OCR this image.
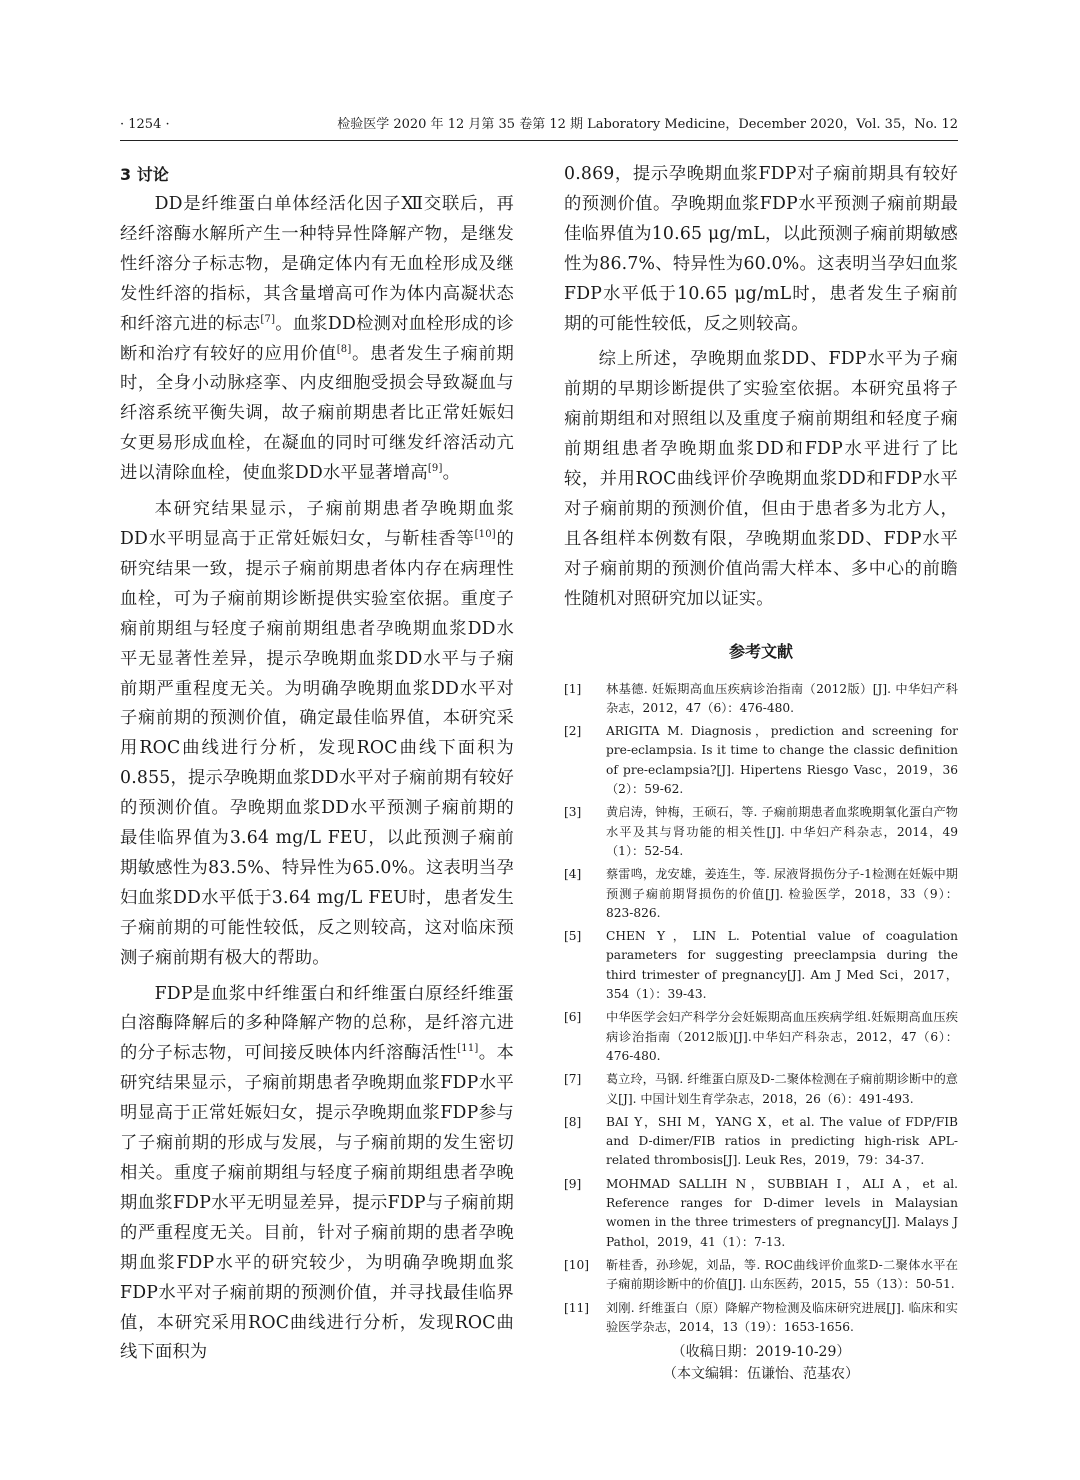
· 1254 ·	检验医学 2020 年 12 月第 35 卷第 12 期 Laboratory Medicine，December 2020，Vol. 35，No. 12
3 讨论

DD是纤维蛋白单体经活化因子Ⅻ交联后，再经纤溶酶水解所产生一种特异性降解产物，是继发性纤溶分子标志物，是确定体内有无血栓形成及继发性纤溶的指标，其含量增高可作为体内高凝状态和纤溶亢进的标志[7]。血浆DD检测对血栓形成的诊断和治疗有较好的应用价值[8]。患者发生子痫前期时，全身小动脉痉挛、内皮细胞受损会导致凝血与纤溶系统平衡失调，故子痫前期患者比正常妊娠妇女更易形成血栓，在凝血的同时可继发纤溶活动亢进以清除血栓，使血浆DD水平显著增高[9]。

本研究结果显示，子痫前期患者孕晚期血浆DD水平明显高于正常妊娠妇女，与靳桂香等[10]的研究结果一致，提示子痫前期患者体内存在病理性血栓，可为子痫前期诊断提供实验室依据。重度子痫前期组与轻度子痫前期组患者孕晚期血浆DD水平无显著性差异，提示孕晚期血浆DD水平与子痫前期严重程度无关。为明确孕晚期血浆DD水平对子痫前期的预测价值，确定最佳临界值，本研究采用ROC曲线进行分析，发现ROC曲线下面积为0.855，提示孕晚期血浆DD水平对子痫前期有较好的预测价值。孕晚期血浆DD水平预测子痫前期的最佳临界值为3.64 mg/L FEU，以此预测子痫前期敏感性为83.5%、特异性为65.0%。这表明当孕妇血浆DD水平低于3.64 mg/L FEU时，患者发生子痫前期的可能性较低，反之则较高，这对临床预测子痫前期有极大的帮助。

FDP是血浆中纤维蛋白和纤维蛋白原经纤维蛋白溶酶降解后的多种降解产物的总称，是纤溶亢进的分子标志物，可间接反映体内纤溶酶活性[11]。本研究结果显示，子痫前期患者孕晚期血浆FDP水平明显高于正常妊娠妇女，提示孕晚期血浆FDP参与了子痫前期的形成与发展，与子痫前期的发生密切相关。重度子痫前期组与轻度子痫前期组患者孕晚期血浆FDP水平无明显差异，提示FDP与子痫前期的严重程度无关。目前，针对子痫前期的患者孕晚期血浆FDP水平的研究较少，为明确孕晚期血浆FDP水平对子痫前期的预测价值，并寻找最佳临界值，本研究采用ROC曲线进行分析，发现ROC曲线下面积为

0.869，提示孕晚期血浆FDP对子痫前期具有较好的预测价值。孕晚期血浆FDP水平预测子痫前期最佳临界值为10.65 μg/mL，以此预测子痫前期敏感性为86.7%、特异性为60.0%。这表明当孕妇血浆FDP水平低于10.65 μg/mL时，患者发生子痫前期的可能性较低，反之则较高。

综上所述，孕晚期血浆DD、FDP水平为子痫前期的早期诊断提供了实验室依据。本研究虽将子痫前期组和对照组以及重度子痫前期组和轻度子痫前期组患者孕晚期血浆DD和FDP水平进行了比较，并用ROC曲线评价孕晚期血浆DD和FDP水平对子痫前期的预测价值，但由于患者多为北方人，且各组样本例数有限，孕晚期血浆DD、FDP水平对子痫前期的预测价值尚需大样本、多中心的前瞻性随机对照研究加以证实。

参考文献
[1]	林基德. 妊娠期高血压疾病诊治指南（2012版）[J]. 中华妇产科杂志，2012，47（6）：476-480.
[2]	ARIGITA M. Diagnosis，prediction and screening for pre-eclampsia. Is it time to change the classic definition of pre-eclampsia?[J]. Hipertens Riesgo Vasc，2019，36（2）：59-62.
[3]	黄启涛，钟梅，王硕石，等. 子痫前期患者血浆晚期氧化蛋白产物水平及其与肾功能的相关性[J]. 中华妇产科杂志，2014，49（1）：52-54.
[4]	蔡雷鸣，龙安雄，姜连生，等. 尿液肾损伤分子-1检测在妊娠中期预测子痫前期肾损伤的价值[J]. 检验医学，2018，33（9）：823-826.
[5]	CHEN Y，LIN L. Potential value of coagulation parameters for suggesting preeclampsia during the third trimester of pregnancy[J]. Am J Med Sci，2017，354（1）：39-43.
[6]	中华医学会妇产科学分会妊娠期高血压疾病学组.妊娠期高血压疾病诊治指南（2012版)[J].中华妇产科杂志，2012，47（6）：476-480.
[7]	葛立玲，马钢. 纤维蛋白原及D-二聚体检测在子痫前期诊断中的意义[J]. 中国计划生育学杂志，2018，26（6）：491-493.
[8]	BAI Y，SHI M，YANG X，et al. The value of FDP/FIB and D-dimer/FIB ratios in predicting high-risk APL-related thrombosis[J]. Leuk Res，2019，79：34-37.
[9]	MOHMAD SALLIH N，SUBBIAH I，ALI A，et al. Reference ranges for D-dimer levels in Malaysian women in the three trimesters of pregnancy[J]. Malays J Pathol，2019，41（1）：7-13.
[10]	靳桂香，孙珍妮，刘品，等. ROC曲线评价血浆D-二聚体水平在子痫前期诊断中的价值[J]. 山东医药，2015，55（13）：50-51.
[11]	刘刚. 纤维蛋白（原）降解产物检测及临床研究进展[J]. 临床和实验医学杂志，2014，13（19）：1653-1656.
（收稿日期：2019-10-29）
（本文编辑：伍谦怡、范基农）
